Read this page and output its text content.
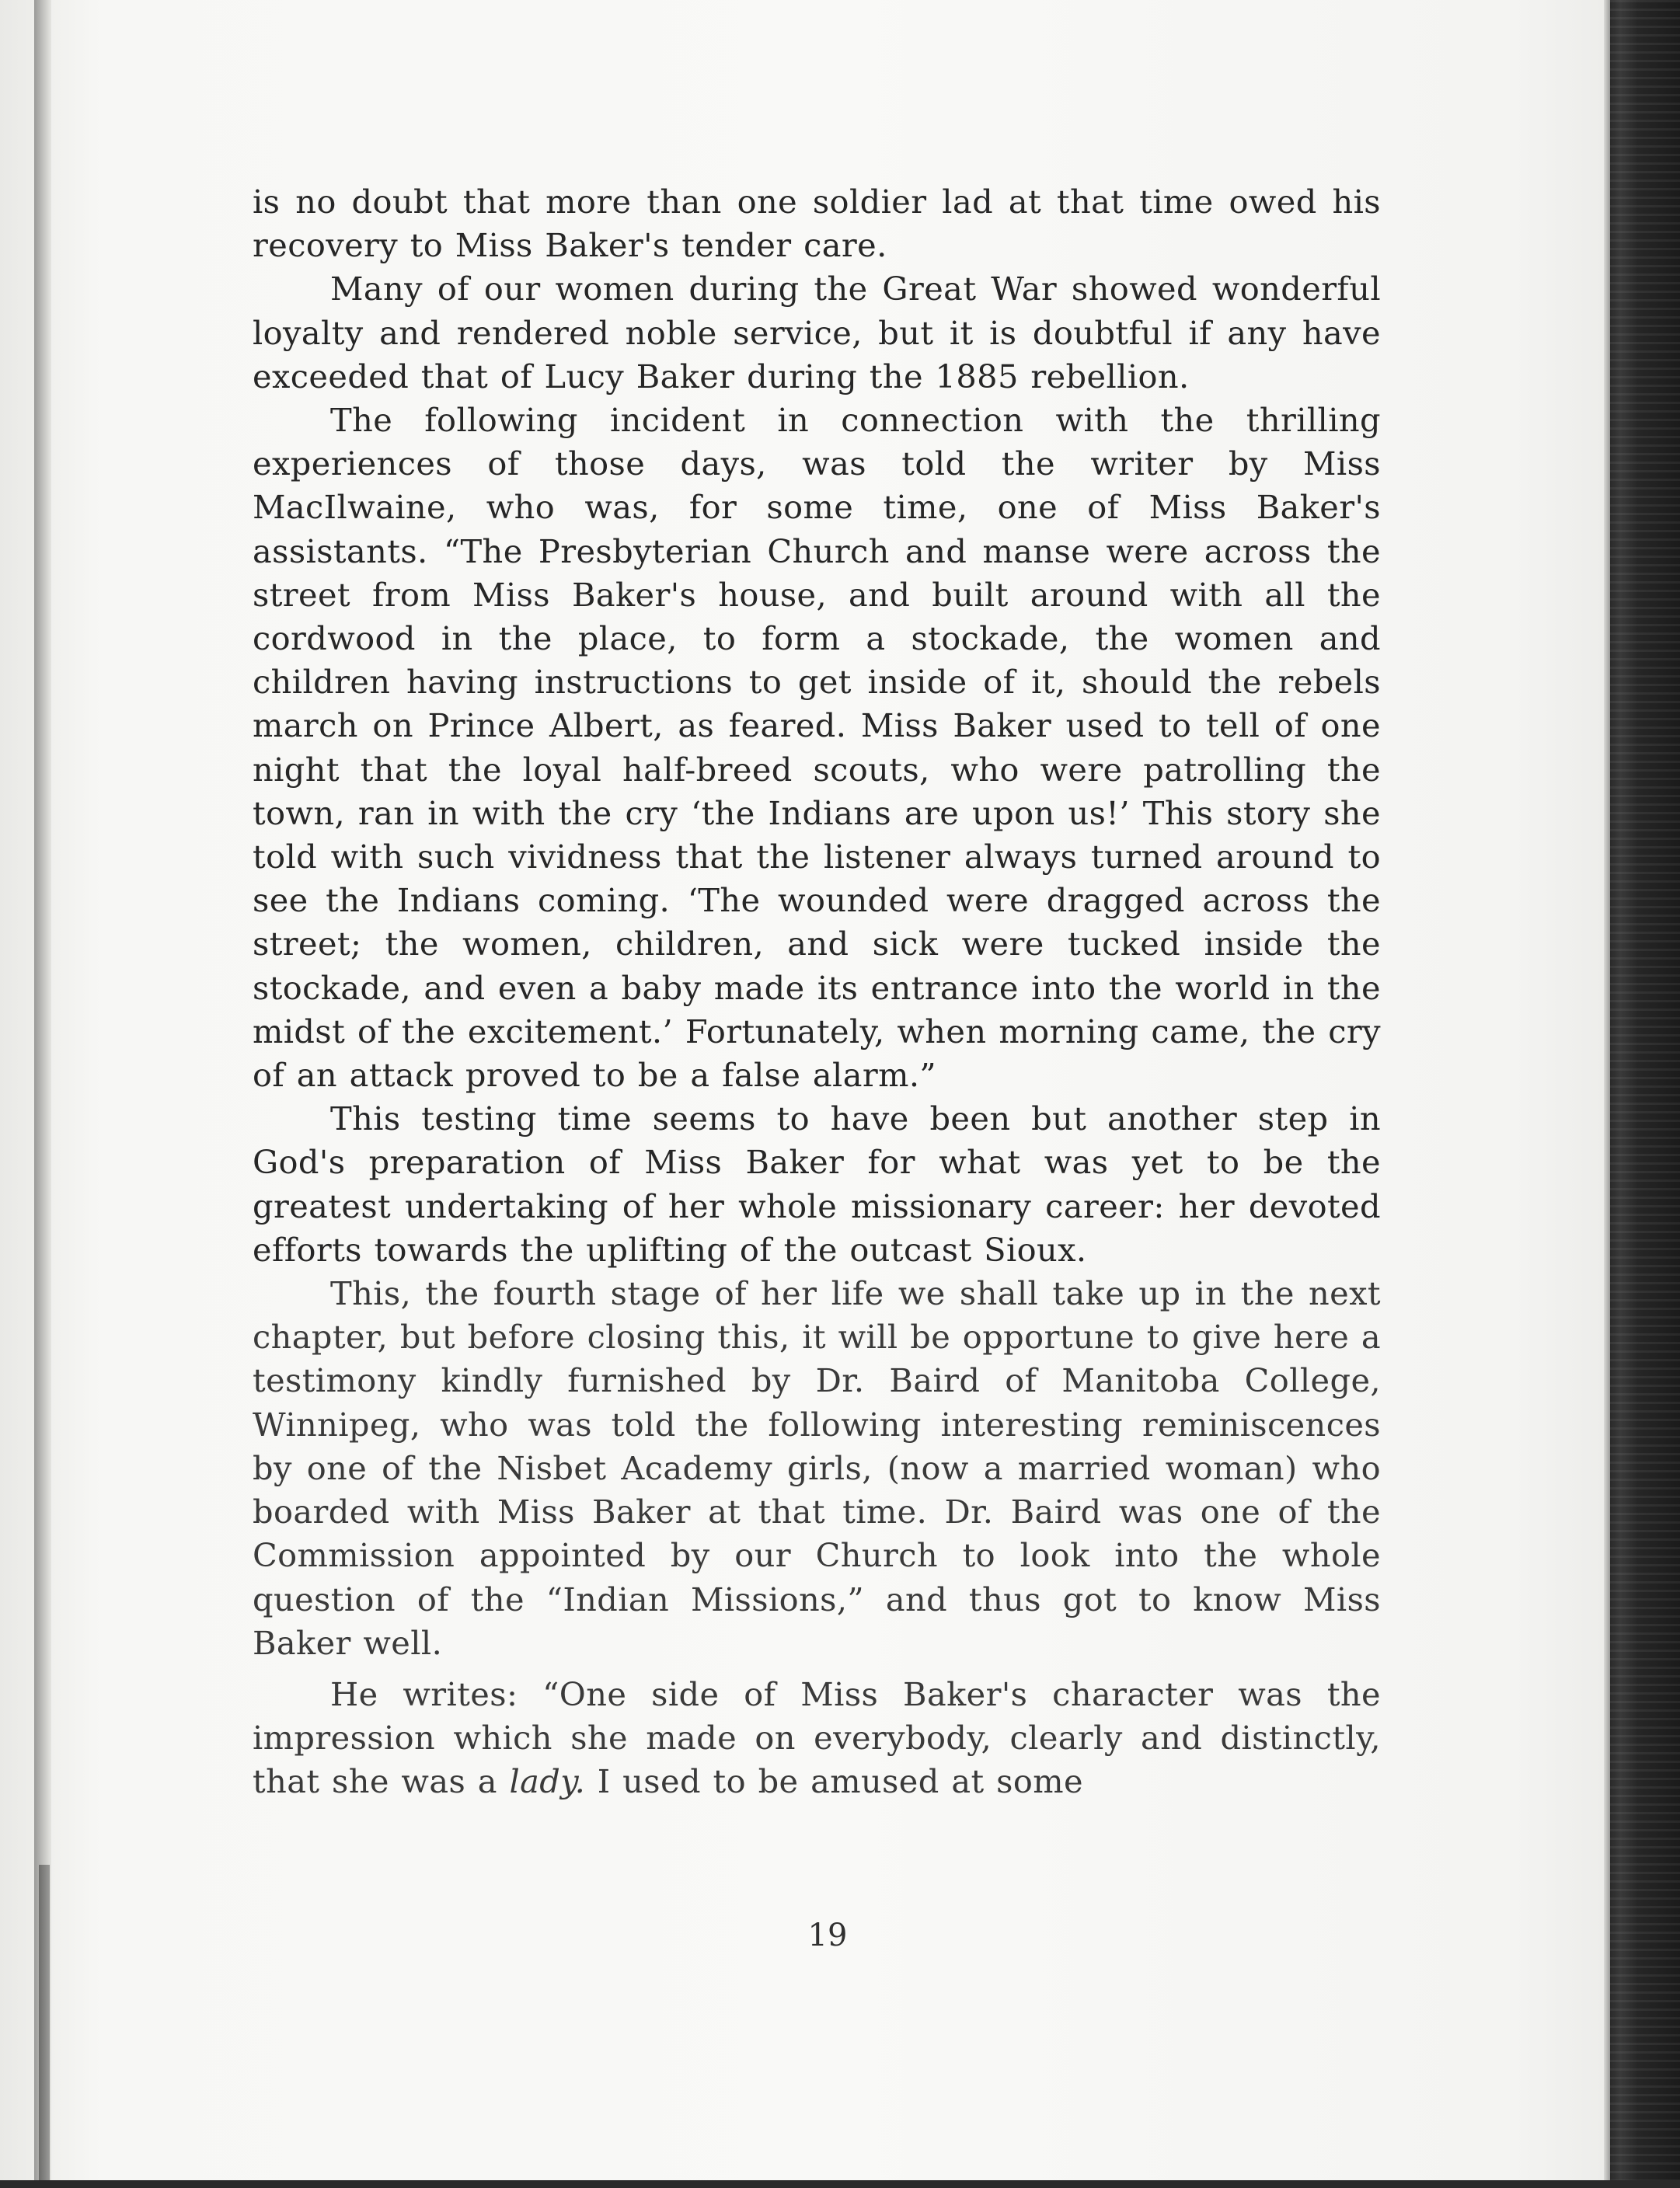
is no doubt that more than one soldier lad at that time owed his recovery to Miss Baker's tender care.

Many of our women during the Great War showed wonderful loyalty and rendered noble service, but it is doubtful if any have exceeded that of Lucy Baker during the 1885 rebellion.

The following incident in connection with the thrilling experiences of those days, was told the writer by Miss MacIlwaine, who was, for some time, one of Miss Baker's assistants. “The Presbyterian Church and manse were across the street from Miss Baker's house, and built around with all the cordwood in the place, to form a stockade, the women and children having instructions to get inside of it, should the rebels march on Prince Albert, as feared. Miss Baker used to tell of one night that the loyal half-breed scouts, who were patrolling the town, ran in with the cry ‘the Indians are upon us!’ This story she told with such vividness that the listener always turned around to see the Indians coming. ‘The wounded were dragged across the street; the women, children, and sick were tucked inside the stockade, and even a baby made its entrance into the world in the midst of the excitement.’ Fortunately, when morning came, the cry of an attack proved to be a false alarm.”

This testing time seems to have been but another step in God's preparation of Miss Baker for what was yet to be the greatest undertaking of her whole missionary career: her devoted efforts towards the uplifting of the outcast Sioux.

This, the fourth stage of her life we shall take up in the next chapter, but before closing this, it will be opportune to give here a testimony kindly furnished by Dr. Baird of Manitoba College, Winnipeg, who was told the following interesting reminiscences by one of the Nisbet Academy girls, (now a married woman) who boarded with Miss Baker at that time. Dr. Baird was one of the Commission appointed by our Church to look into the whole question of the “Indian Missions,” and thus got to know Miss Baker well.

He writes: “One side of Miss Baker's character was the impression which she made on everybody, clearly and distinctly, that she was a lady. I used to be amused at some

19
